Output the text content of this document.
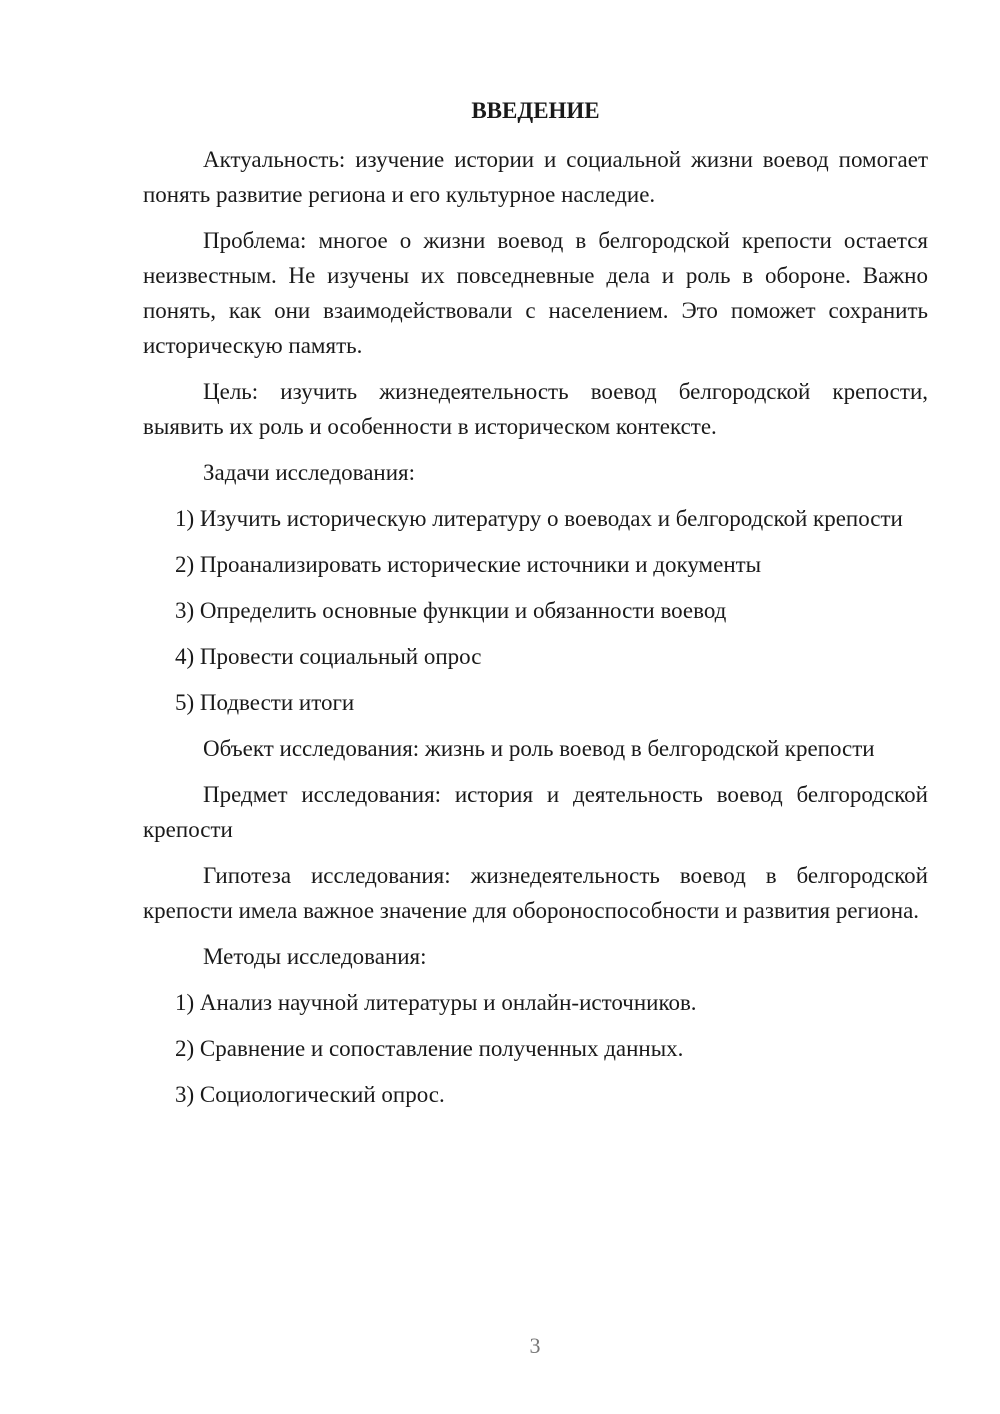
ВВЕДЕНИЕ

Актуальность: изучение истории и социальной жизни воевод помогает понять развитие региона и его культурное наследие.

Проблема: многое о жизни воевод в белгородской крепости остается неизвестным. Не изучены их повседневные дела и роль в обороне. Важно понять, как они взаимодействовали с населением. Это поможет сохранить историческую память.

Цель: изучить жизнедеятельность воевод белгородской крепости, выявить их роль и особенности в историческом контексте.

Задачи исследования:

1) Изучить историческую литературу о воеводах и белгородской крепости

2) Проанализировать исторические источники и документы

3) Определить основные функции и обязанности воевод

4) Провести социальный опрос

5) Подвести итоги

Объект исследования: жизнь и роль воевод в белгородской крепости

Предмет исследования: история и деятельность воевод белгородской крепости

Гипотеза исследования: жизнедеятельность воевод в белгородской крепости имела важное значение для обороноспособности и развития региона.

Методы исследования:

1) Анализ научной литературы и онлайн-источников.

2) Сравнение и сопоставление полученных данных.

3) Социологический опрос.

3
